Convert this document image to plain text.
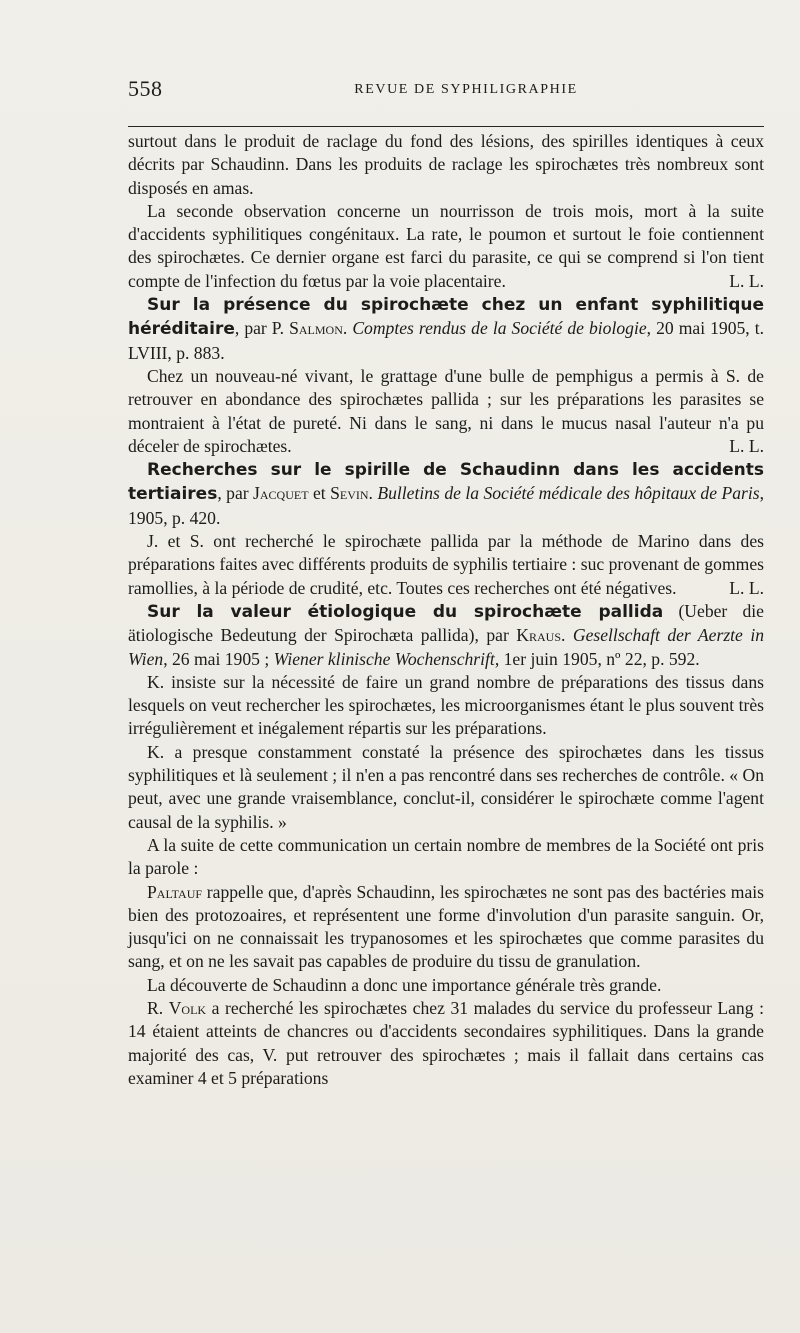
558	REVUE DE SYPHILIGRAPHIE

surtout dans le produit de raclage du fond des lésions, des spirilles identiques à ceux décrits par Schaudinn. Dans les produits de raclage les spirochætes très nombreux sont disposés en amas.

La seconde observation concerne un nourrisson de trois mois, mort à la suite d'accidents syphilitiques congénitaux. La rate, le poumon et surtout le foie contiennent des spirochætes. Ce dernier organe est farci du parasite, ce qui se comprend si l'on tient compte de l'infection du fœtus par la voie placentaire.	L. L.

Sur la présence du spirochæte chez un enfant syphilitique héréditaire, par P. Salmon. Comptes rendus de la Société de biologie, 20 mai 1905, t. LVIII, p. 883.

Chez un nouveau-né vivant, le grattage d'une bulle de pemphigus a permis à S. de retrouver en abondance des spirochætes pallida ; sur les préparations les parasites se montraient à l'état de pureté. Ni dans le sang, ni dans le mucus nasal l'auteur n'a pu déceler de spirochætes.	L. L.

Recherches sur le spirille de Schaudinn dans les accidents tertiaires, par Jacquet et Sevin. Bulletins de la Société médicale des hôpitaux de Paris, 1905, p. 420.

J. et S. ont recherché le spirochæte pallida par la méthode de Marino dans des préparations faites avec différents produits de syphilis tertiaire : suc provenant de gommes ramollies, à la période de crudité, etc. Toutes ces recherches ont été négatives.	L. L.

Sur la valeur étiologique du spirochæte pallida (Ueber die ätiologische Bedeutung der Spirochæta pallida), par Kraus. Gesellschaft der Aerzte in Wien, 26 mai 1905 ; Wiener klinische Wochenschrift, 1er juin 1905, nº 22, p. 592.

K. insiste sur la nécessité de faire un grand nombre de préparations des tissus dans lesquels on veut rechercher les spirochætes, les microorganismes étant le plus souvent très irrégulièrement et inégalement répartis sur les préparations.

K. a presque constamment constaté la présence des spirochætes dans les tissus syphilitiques et là seulement ; il n'en a pas rencontré dans ses recherches de contrôle. « On peut, avec une grande vraisemblance, conclut-il, considérer le spirochæte comme l'agent causal de la syphilis. »

A la suite de cette communication un certain nombre de membres de la Société ont pris la parole :

Paltauf rappelle que, d'après Schaudinn, les spirochætes ne sont pas des bactéries mais bien des protozoaires, et représentent une forme d'involution d'un parasite sanguin. Or, jusqu'ici on ne connaissait les trypanosomes et les spirochætes que comme parasites du sang, et on ne les savait pas capables de produire du tissu de granulation.

La découverte de Schaudinn a donc une importance générale très grande.

R. Volk a recherché les spirochætes chez 31 malades du service du professeur Lang : 14 étaient atteints de chancres ou d'accidents secondaires syphilitiques. Dans la grande majorité des cas, V. put retrouver des spirochætes ; mais il fallait dans certains cas examiner 4 et 5 préparations
